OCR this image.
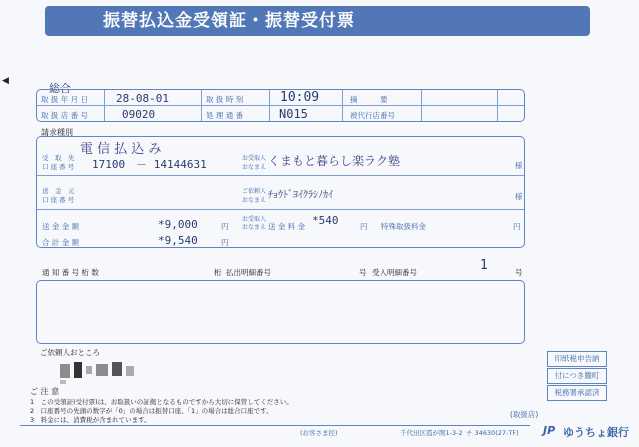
◀
振替払込金受領証・振替受付票
総合
取 扱 年 月 日	28-08-01	取 扱 時 刻	10:09	摘　　　要
取 扱 店 番 号	09020	処 理 通 番	N015	被代行店番号
請求種別
電 信 払 込 み
受　取　先
口 座 番 号 17100　－ 14144631	お受取人
おなまえ くまもと暮らし楽ラク塾	様
送　金　元
口 座 番 号
ご依頼人
おなまえ ﾁｮｳﾄﾞﾖｲｸﾗｼﾉｶｲ	様
送 金 金 額	*9,000	円
お受取人
おなまえ 送 金 料 金 *540	円 特殊取扱料金	円
合 計 金 額	*9,540	円
通 知 番 号 桁 数	桁 払出明細番号	号 受入明細番号	1	号
ご依頼人おところ
印紙税申告納
付につき騰町
税務署承認済
ご 注 意
1　この受領証(受付票)は、お取扱いの証拠となるものですから大切に保管してください。
2　口座番号の先頭の数字が「0」の場合は振替口座、「1」の場合は総合口座です。
3　料金には、消費税が含まれています。
(取扱店)
(お客さま控)	千代田区霞が関1-3-2 チ 34630(27-TF) JP ゆうちょ銀行
